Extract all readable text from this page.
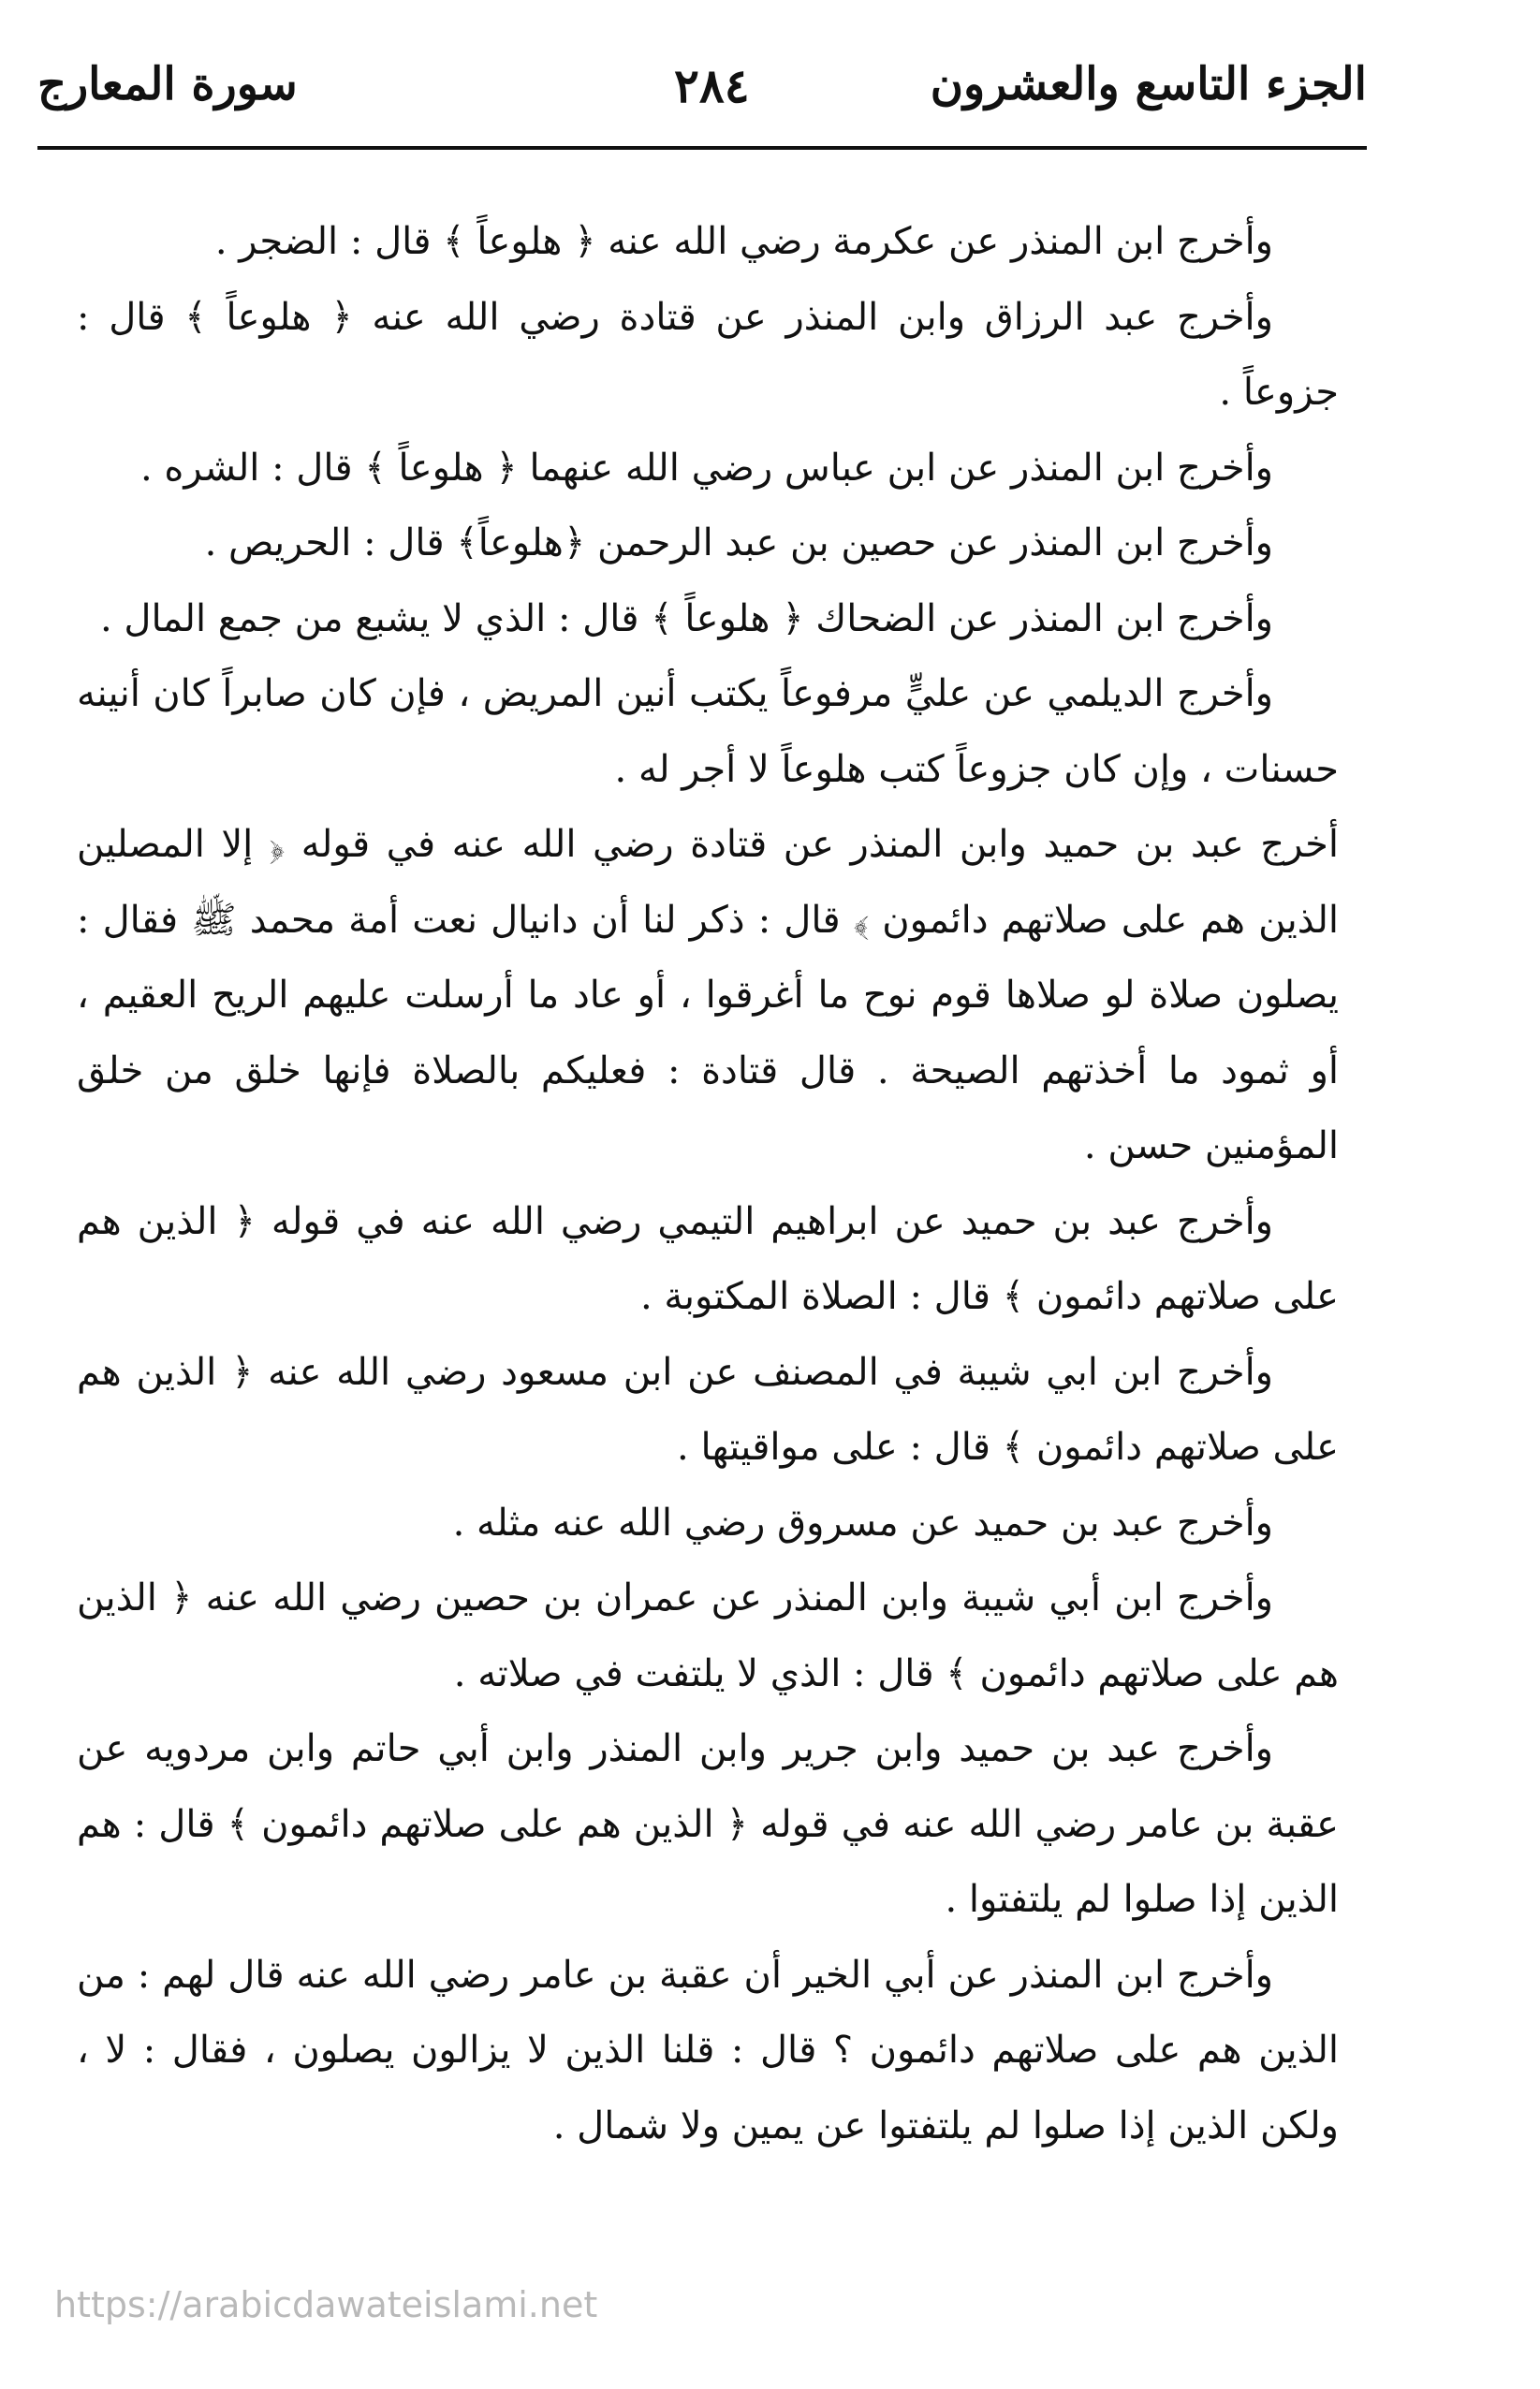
الجزء التاسع والعشرون
٢٨٤
سورة المعارج

وأخرج ابن المنذر عن عكرمة رضي الله عنه ﴿ هلوعاً ﴾ قال : الضجر .

وأخرج عبد الرزاق وابن المنذر عن قتادة رضي الله عنه ﴿ هلوعاً ﴾ قال : جزوعاً .

وأخرج ابن المنذر عن ابن عباس رضي الله عنهما ﴿ هلوعاً ﴾ قال : الشره .

وأخرج ابن المنذر عن حصين بن عبد الرحمن ﴿هلوعاً﴾ قال : الحريص .

وأخرج ابن المنذر عن الضحاك ﴿ هلوعاً ﴾ قال : الذي لا يشبع من جمع المال .

وأخرج الديلمي عن عليٍّ مرفوعاً يكتب أنين المريض ، فإن كان صابراً كان أنينه حسنات ، وإن كان جزوعاً كتب هلوعاً لا أجر له .

أخرج عبد بن حميد وابن المنذر عن قتادة رضي الله عنه في قوله ﴿ إلا المصلين الذين هم على صلاتهم دائمون ﴾ قال : ذكر لنا أن دانيال نعت أمة محمد ﷺ فقال : يصلون صلاة لو صلاها قوم نوح ما أغرقوا ، أو عاد ما أرسلت عليهم الريح العقيم ، أو ثمود ما أخذتهم الصيحة . قال قتادة : فعليكم بالصلاة فإنها خلق من خلق المؤمنين حسن .

وأخرج عبد بن حميد عن ابراهيم التيمي رضي الله عنه في قوله ﴿ الذين هم على صلاتهم دائمون ﴾ قال : الصلاة المكتوبة .

وأخرج ابن ابي شيبة في المصنف عن ابن مسعود رضي الله عنه ﴿ الذين هم على صلاتهم دائمون ﴾ قال : على مواقيتها .

وأخرج عبد بن حميد عن مسروق رضي الله عنه مثله .

وأخرج ابن أبي شيبة وابن المنذر عن عمران بن حصين رضي الله عنه ﴿ الذين هم على صلاتهم دائمون ﴾ قال : الذي لا يلتفت في صلاته .

وأخرج عبد بن حميد وابن جرير وابن المنذر وابن أبي حاتم وابن مردويه عن عقبة بن عامر رضي الله عنه في قوله ﴿ الذين هم على صلاتهم دائمون ﴾ قال : هم الذين إذا صلوا لم يلتفتوا .

وأخرج ابن المنذر عن أبي الخير أن عقبة بن عامر رضي الله عنه قال لهم : من الذين هم على صلاتهم دائمون ؟ قال : قلنا الذين لا يزالون يصلون ، فقال : لا ، ولكن الذين إذا صلوا لم يلتفتوا عن يمين ولا شمال .

https://arabicdawateislami.net
